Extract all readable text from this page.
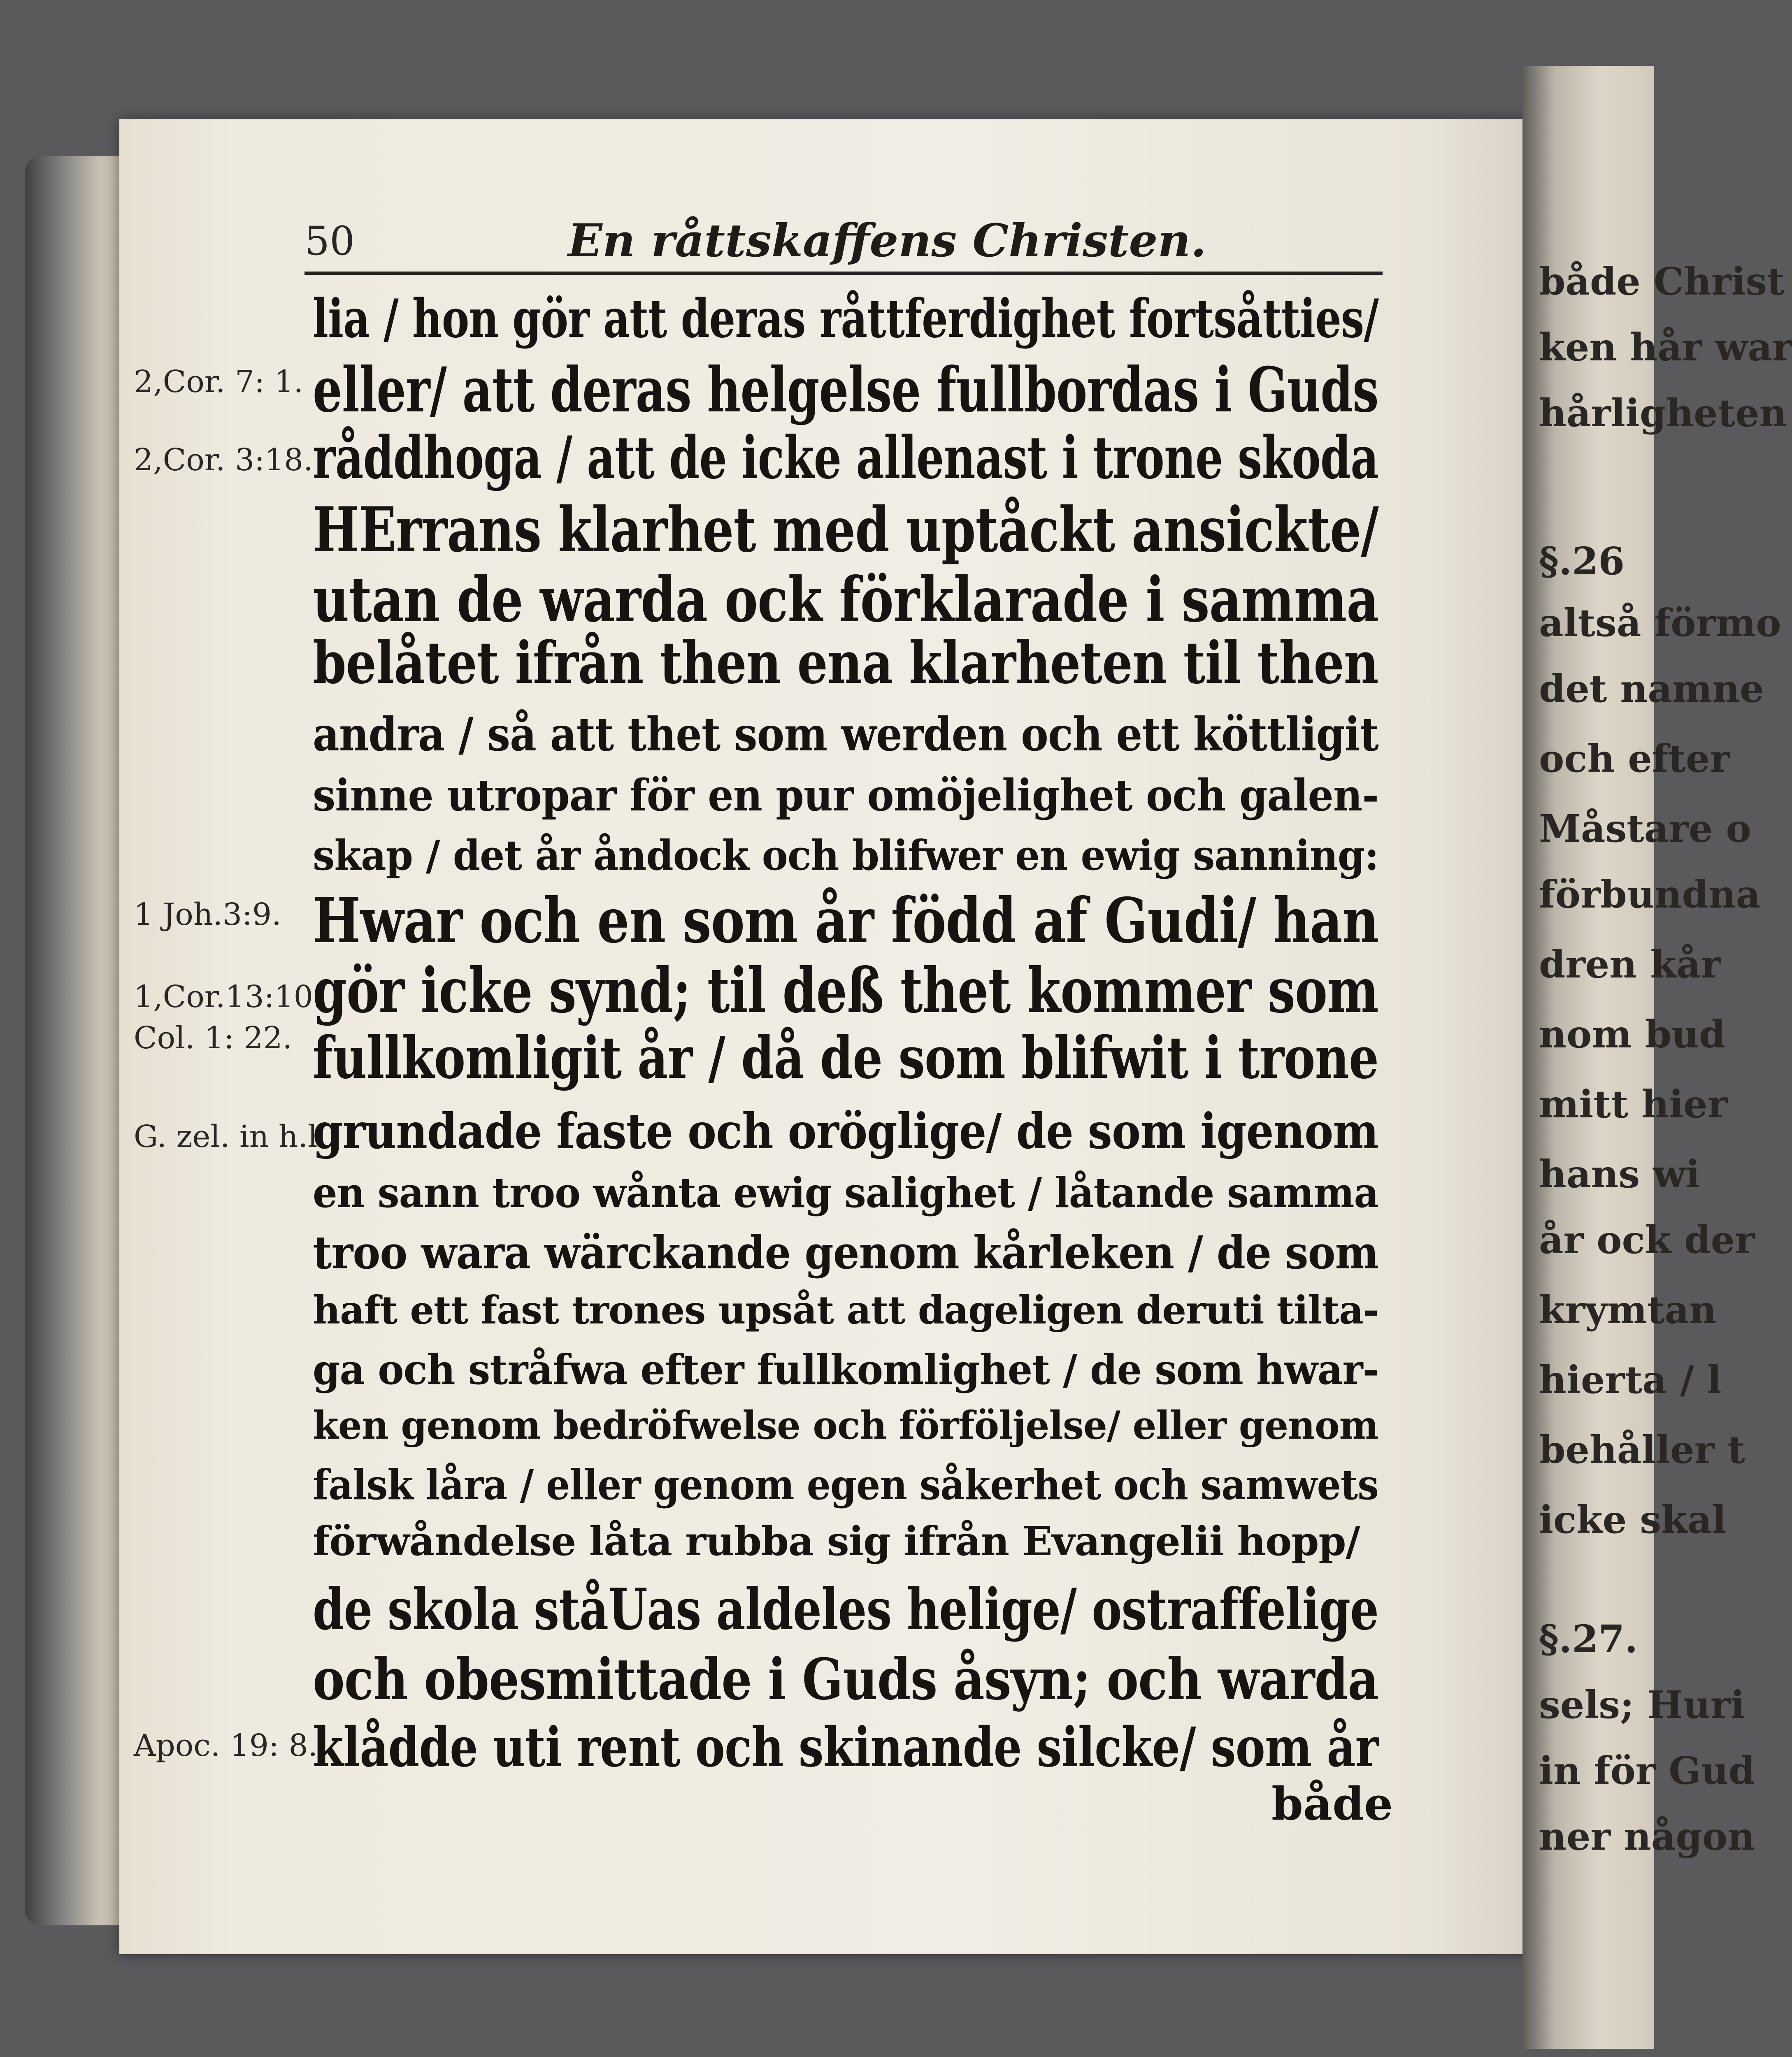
både Christ
ken hår war
hårligheten
§.26
altså förmo
det namne
och efter
Måstare o
förbundna
dren kår
nom bud
mitt hier
hans wi
år ock der
krymtan
hierta / l
behåller t
icke skal
§.27.
sels; Huri
in för Gud
ner någon
50	En råttskaffens Christen.
2,Cor. 7: 1.
2,Cor. 3:18.
1 Joh.3:9.
1,Cor.13:10.
Col. 1: 22.
G. zel. in h.l.
Apoc. 19: 8.
lia / hon gör att deras råttferdighet fortsåtties/
eller/ att deras helgelse fullbordas i Guds
råddhoga / att de icke allenast i trone skoda
HErrans klarhet med uptåckt ansickte/
utan de warda ock förklarade i samma
belåtet ifrån then ena klarheten til then
andra / så att thet som werden och ett köttligit
sinne utropar för en pur omöjelighet och galen-
skap / det år åndock och blifwer en ewig sanning:
Hwar och en som år född af Gudi/ han
gör icke synd; til deß thet kommer som
fullkomligit år / då de som blifwit i trone
grundade faste och oröglige/ de som igenom
en sann troo wånta ewig salighet / låtande samma
troo wara wärckande genom kårleken / de som
haft ett fast trones upsåt att dageligen deruti tilta-
ga och stråfwa efter fullkomlighet / de som hwar-
ken genom bedröfwelse och förföljelse/ eller genom
falsk låra / eller genom egen såkerhet och samwets
förwåndelse låta rubba sig ifrån Evangelii hopp/
de skola ståUas aldeles helige/ ostraffelige
och obesmittade i Guds åsyn; och warda
klådde uti rent och skinande silcke/ som år
både
